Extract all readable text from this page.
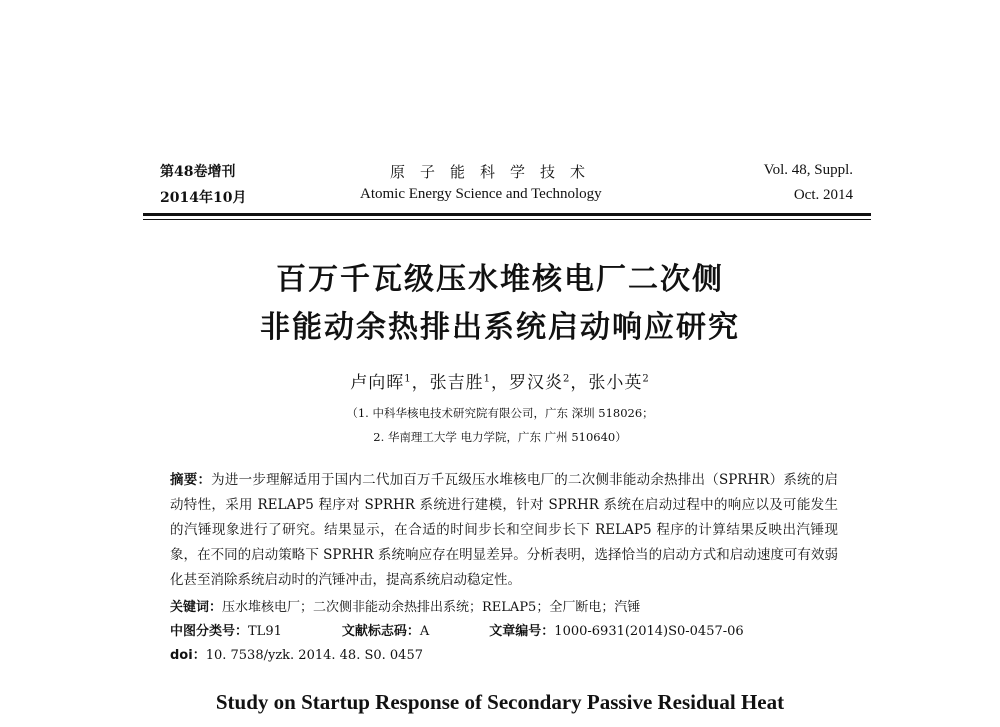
第48卷增刊
2014年10月
原子能科学技术
Atomic Energy Science and Technology
Vol. 48, Suppl.
Oct. 2014
百万千瓦级压水堆核电厂二次侧
非能动余热排出系统启动响应研究
卢向晖$^1$，张吉胜$^1$，罗汉炎$^2$，张小英$^2$
（1. 中科华核电技术研究院有限公司，广东 深圳 518026；
2. 华南理工大学 电力学院，广东 广州 510640）
摘要：为进一步理解适用于国内二代加百万千瓦级压水堆核电厂的二次侧非能动余热排出（SPRHR）系统的启动特性，采用 RELAP5 程序对 SPRHR 系统进行建模，针对 SPRHR 系统在启动过程中的响应以及可能发生的汽锤现象进行了研究。结果显示，在合适的时间步长和空间步长下 RELAP5 程序的计算结果反映出汽锤现象，在不同的启动策略下 SPRHR 系统响应存在明显差异。分析表明，选择恰当的启动方式和启动速度可有效弱化甚至消除系统启动时的汽锤冲击，提高系统启动稳定性。
关键词：压水堆核电厂；二次侧非能动余热排出系统；RELAP5；全厂断电；汽锤
中图分类号：TL91	文献标志码：A	文章编号：1000-6931(2014)S0-0457-06
doi：10. 7538/yzk. 2014. 48. S0. 0457
Study on Startup Response of Secondary Passive Residual Heat
